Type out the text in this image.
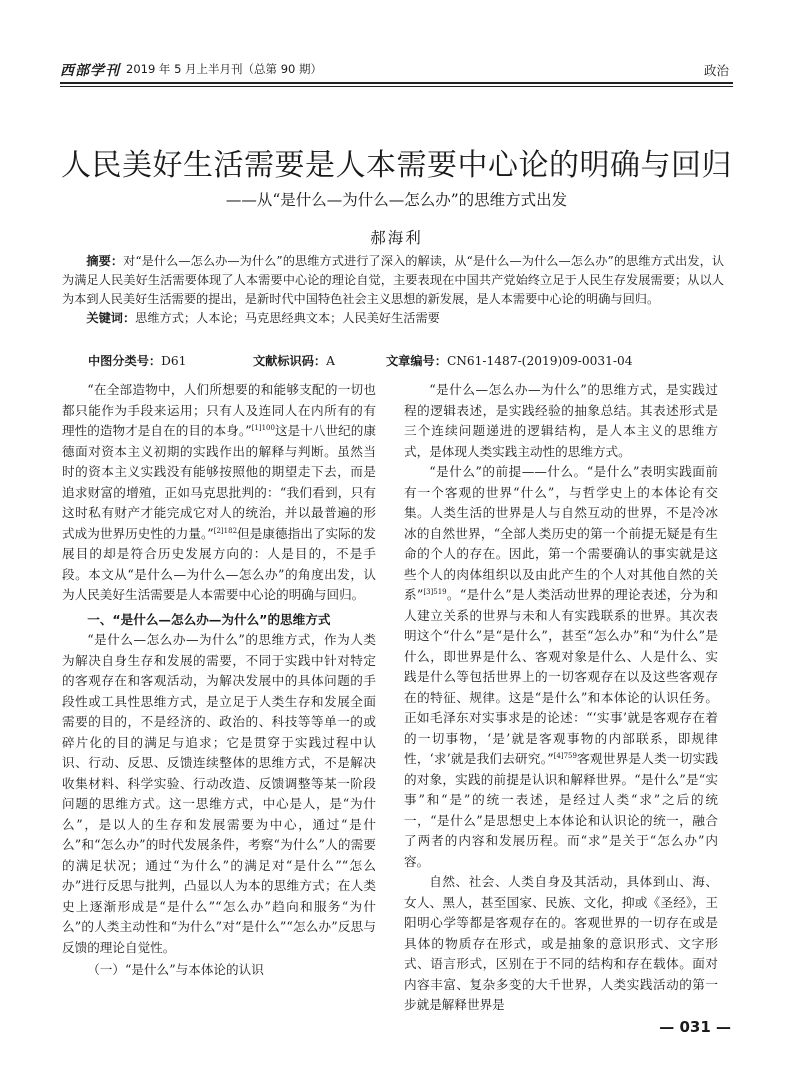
西部学刊 2019 年 5 月上半月刊（总第 90 期）	政治
人民美好生活需要是人本需要中心论的明确与回归
——从“是什么—为什么—怎么办”的思维方式出发
郝海利

摘要：对“是什么—怎么办—为什么”的思维方式进行了深入的解读，从“是什么—为什么—怎么办”的思维方式出发，认为满足人民美好生活需要体现了人本需要中心论的理论自觉，主要表现在中国共产党始终立足于人民生存发展需要；从以人为本到人民美好生活需要的提出，是新时代中国特色社会主义思想的新发展，是人本需要中心论的明确与回归。

关键词：思维方式；人本论；马克思经典文本；人民美好生活需要

中图分类号：D61	文献标识码：A	文章编号：CN61-1487-(2019)09-0031-04

“在全部造物中，人们所想要的和能够支配的一切也都只能作为手段来运用；只有人及连同人在内所有的有理性的造物才是自在的目的本身。”$^{[1]100}$这是十八世纪的康德面对资本主义初期的实践作出的解释与判断。虽然当时的资本主义实践没有能够按照他的期望走下去，而是追求财富的增殖，正如马克思批判的：“我们看到，只有这时私有财产才能完成它对人的统治，并以最普遍的形式成为世界历史性的力量。”$^{[2]182}$但是康德指出了实际的发展目的却是符合历史发展方向的：人是目的，不是手段。本文从“是什么—为什么—怎么办”的角度出发，认为人民美好生活需要是人本需要中心论的明确与回归。

一、“是什么—怎么办—为什么”的思维方式

“是什么—怎么办—为什么”的思维方式，作为人类为解决自身生存和发展的需要，不同于实践中针对特定的客观存在和客观活动，为解决发展中的具体问题的手段性或工具性思维方式，是立足于人类生存和发展全面需要的目的，不是经济的、政治的、科技等等单一的或碎片化的目的满足与追求；它是贯穿于实践过程中认识、行动、反思、反馈连续整体的思维方式，不是解决收集材料、科学实验、行动改造、反馈调整等某一阶段问题的思维方式。这一思维方式，中心是人，是“为什么”，是以人的生存和发展需要为中心，通过“是什么”和“怎么办”的时代发展条件，考察“为什么”人的需要的满足状况；通过“为什么”的满足对“是什么”“怎么办”进行反思与批判，凸显以人为本的思维方式；在人类史上逐渐形成是“是什么”“怎么办”趋向和服务“为什么”的人类主动性和“为什么”对“是什么”“怎么办”反思与反馈的理论自觉性。

（一）“是什么”与本体论的认识

“是什么—怎么办—为什么”的思维方式，是实践过程的逻辑表述，是实践经验的抽象总结。其表述形式是三个连续问题递进的逻辑结构，是人本主义的思维方式，是体现人类实践主动性的思维方式。

“是什么”的前提——什么。“是什么”表明实践面前有一个客观的世界“什么”，与哲学史上的本体论有交集。人类生活的世界是人与自然互动的世界，不是冷冰冰的自然世界，“全部人类历史的第一个前提无疑是有生命的个人的存在。因此，第一个需要确认的事实就是这些个人的肉体组织以及由此产生的个人对其他自然的关系”$^{[3]519}$。“是什么”是人类活动世界的理论表述，分为和人建立关系的世界与未和人有实践联系的世界。其次表明这个“什么”是“是什么”，甚至“怎么办”和“为什么”是什么，即世界是什么、客观对象是什么、人是什么、实践是什么等包括世界上的一切客观存在以及这些客观存在的特征、规律。这是“是什么”和本体论的认识任务。正如毛泽东对实事求是的论述：“‘实事’就是客观存在着的一切事物，‘是’就是客观事物的内部联系，即规律性，‘求’就是我们去研究。”$^{[4]759}$客观世界是人类一切实践的对象，实践的前提是认识和解释世界。“是什么”是“实事”和“是”的统一表述，是经过人类“求”之后的统一，“是什么”是思想史上本体论和认识论的统一，融合了两者的内容和发展历程。而“求”是关于“怎么办”内容。

自然、社会、人类自身及其活动，具体到山、海、女人、黑人，甚至国家、民族、文化，抑或《圣经》，王阳明心学等都是客观存在的。客观世界的一切存在或是具体的物质存在形式，或是抽象的意识形式、文字形式、语言形式，区别在于不同的结构和存在载体。面对内容丰富、复杂多变的大千世界，人类实践活动的第一步就是解释世界是

— 031 —
